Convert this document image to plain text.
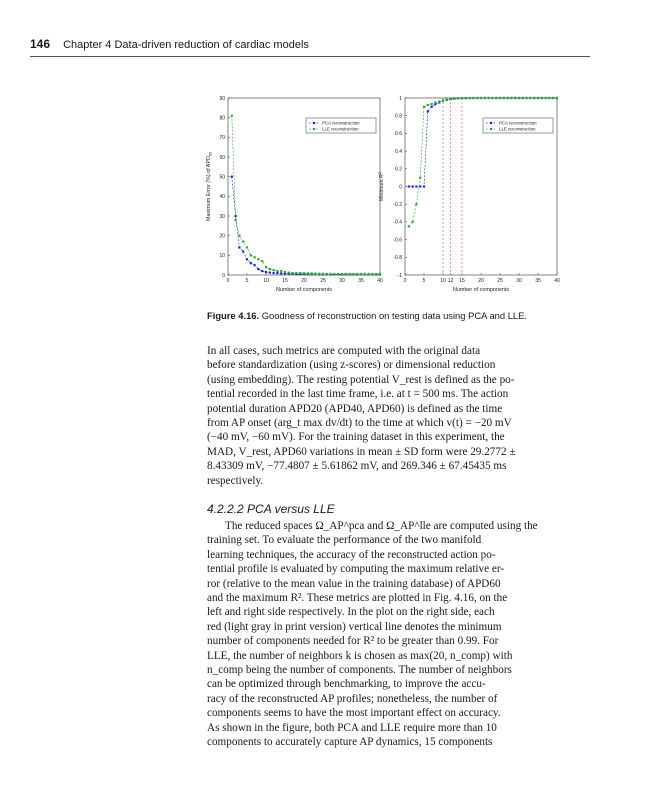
146 Chapter 4 Data-driven reduction of cardiac models
0	5	10	15	20	25	30	35	40
0
10
20
30
40
50
60
70
80
90
PCA reconstruction
LLE reconstruction
Number of components
Maximum Error (%) of $APD_{60}$
0	5	10 12 15	20	25	30	35	40
-1
-0.8
-0.6
-0.4
-0.2
0
0.2
0.4
0.6
0.8
1
PCA reconstruction
LLE reconstruction
Number of components
Minimum $R^2$
Figure 4.16. Goodness of reconstruction on testing data using PCA and LLE.
In all cases, such metrics are computed with the original data
before standardization (using z-scores) or dimensional reduction
(using embedding). The resting potential V_rest is defined as the po-
tential recorded in the last time frame, i.e. at t = 500 ms. The action
potential duration APD20 (APD40, APD60) is defined as the time
from AP onset (arg_t max dv/dt) to the time at which v(t) = −20 mV
(−40 mV, −60 mV). For the training dataset in this experiment, the
MAD, V_rest, APD60 variations in mean ± SD form were 29.2772 ±
8.43309 mV, −77.4807 ± 5.61862 mV, and 269.346 ± 67.45435 ms
respectively.
4.2.2.2 PCA versus LLE
The reduced spaces Ω_AP^pca and Ω_AP^lle are computed using the
training set. To evaluate the performance of the two manifold
learning techniques, the accuracy of the reconstructed action po-
tential profile is evaluated by computing the maximum relative er-
ror (relative to the mean value in the training database) of APD60
and the maximum R². These metrics are plotted in Fig. 4.16, on the
left and right side respectively. In the plot on the right side, each
red (light gray in print version) vertical line denotes the minimum
number of components needed for R² to be greater than 0.99. For
LLE, the number of neighbors k is chosen as max(20, n_comp) with
n_comp being the number of components. The number of neighbors
can be optimized through benchmarking, to improve the accu-
racy of the reconstructed AP profiles; nonetheless, the number of
components seems to have the most important effect on accuracy.
As shown in the figure, both PCA and LLE require more than 10
components to accurately capture AP dynamics, 15 components
